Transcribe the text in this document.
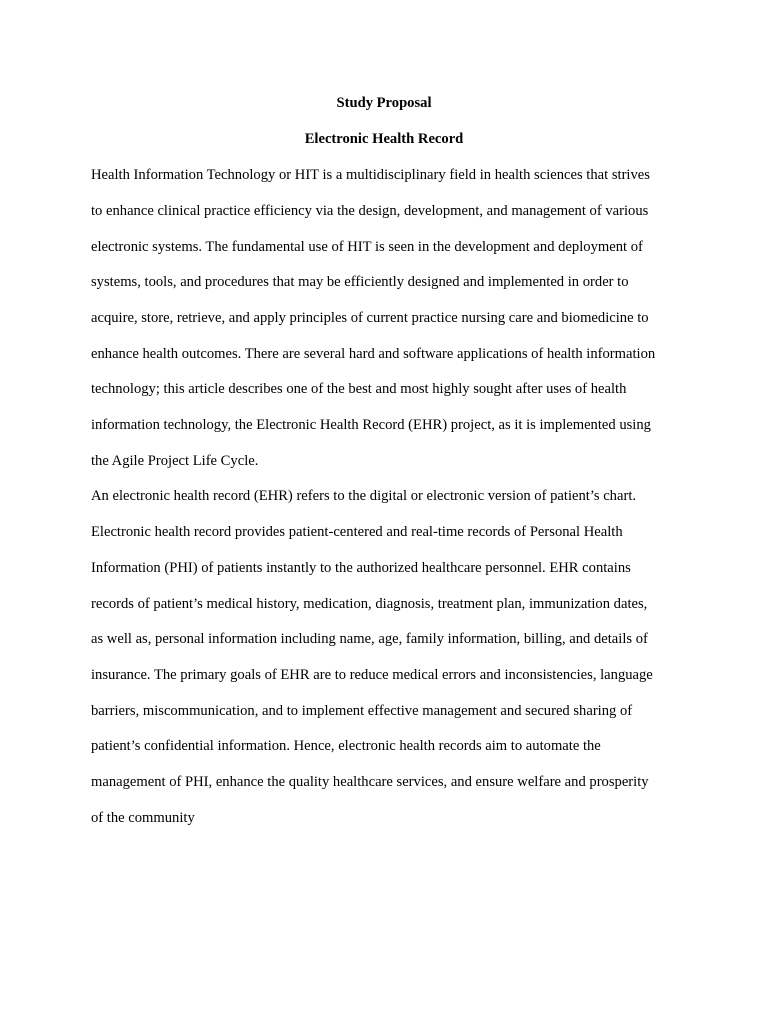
Study Proposal
Electronic Health Record
Health Information Technology or HIT is a multidisciplinary field in health sciences that strives
to enhance clinical practice efficiency via the design, development, and management of various
electronic systems. The fundamental use of HIT is seen in the development and deployment of
systems, tools, and procedures that may be efficiently designed and implemented in order to
acquire, store, retrieve, and apply principles of current practice nursing care and biomedicine to
enhance health outcomes. There are several hard and software applications of health information
technology; this article describes one of the best and most highly sought after uses of health
information technology, the Electronic Health Record (EHR) project, as it is implemented using
the Agile Project Life Cycle.
An electronic health record (EHR) refers to the digital or electronic version of patient’s chart.
Electronic health record provides patient-centered and real-time records of Personal Health
Information (PHI) of patients instantly to the authorized healthcare personnel. EHR contains
records of patient’s medical history, medication, diagnosis, treatment plan, immunization dates,
as well as, personal information including name, age, family information, billing, and details of
insurance. The primary goals of EHR are to reduce medical errors and inconsistencies, language
barriers, miscommunication, and to implement effective management and secured sharing of
patient’s confidential information. Hence, electronic health records aim to automate the
management of PHI, enhance the quality healthcare services, and ensure welfare and prosperity
of the community
